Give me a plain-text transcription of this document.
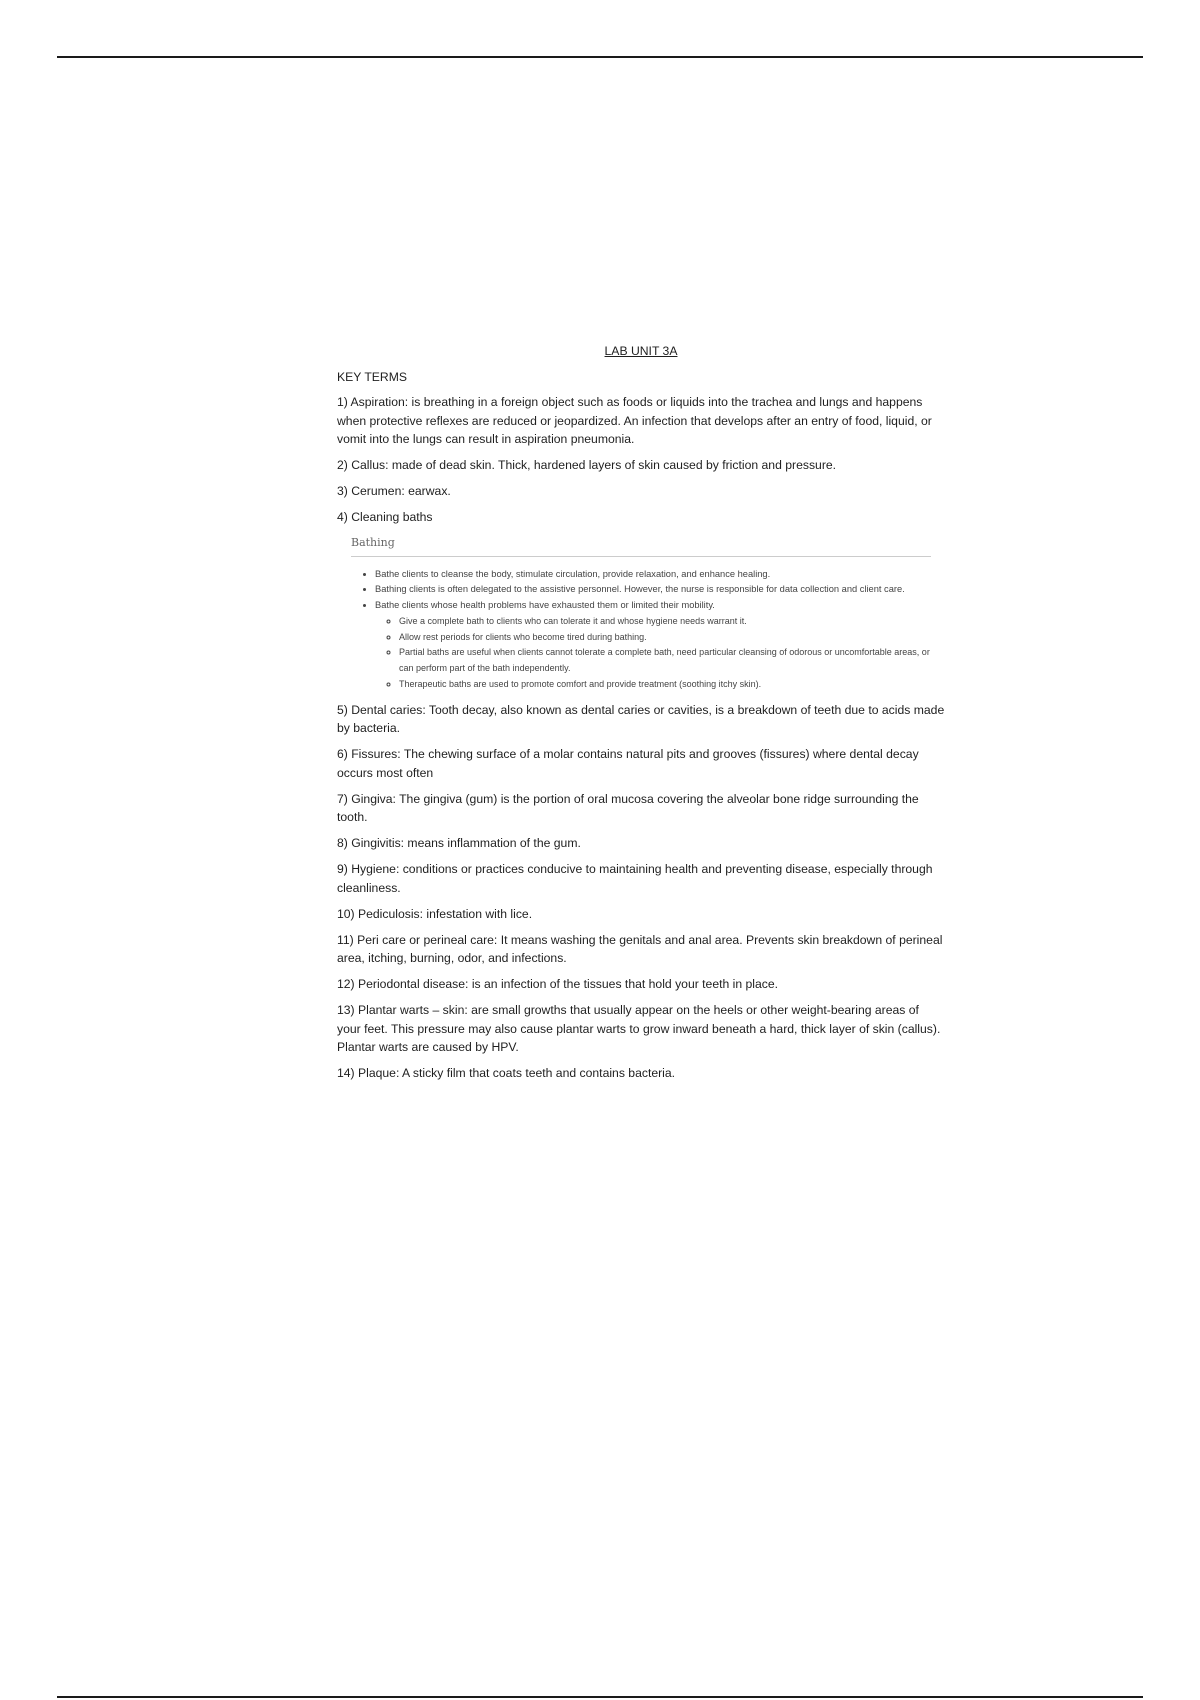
LAB UNIT 3A
KEY TERMS
1) Aspiration: is breathing in a foreign object such as foods or liquids into the trachea and lungs and happens when protective reflexes are reduced or jeopardized. An infection that develops after an entry of food, liquid, or vomit into the lungs can result in aspiration pneumonia.
2) Callus: made of dead skin. Thick, hardened layers of skin caused by friction and pressure.
3) Cerumen: earwax.
4) Cleaning baths
Bathing
• Bathe clients to cleanse the body, stimulate circulation, provide relaxation, and enhance healing.
• Bathing clients is often delegated to the assistive personnel. However, the nurse is responsible for data collection and client care.
• Bathe clients whose health problems have exhausted them or limited their mobility.
◦ Give a complete bath to clients who can tolerate it and whose hygiene needs warrant it.
◦ Allow rest periods for clients who become tired during bathing.
◦ Partial baths are useful when clients cannot tolerate a complete bath, need particular cleansing of odorous or uncomfortable areas, or can perform part of the bath independently.
◦ Therapeutic baths are used to promote comfort and provide treatment (soothing itchy skin).
5) Dental caries: Tooth decay, also known as dental caries or cavities, is a breakdown of teeth due to acids made by bacteria.
6) Fissures: The chewing surface of a molar contains natural pits and grooves (fissures) where dental decay occurs most often
7) Gingiva: The gingiva (gum) is the portion of oral mucosa covering the alveolar bone ridge surrounding the tooth.
8) Gingivitis: means inflammation of the gum.
9) Hygiene: conditions or practices conducive to maintaining health and preventing disease, especially through cleanliness.
10) Pediculosis: infestation with lice.
11) Peri care or perineal care: It means washing the genitals and anal area. Prevents skin breakdown of perineal area, itching, burning, odor, and infections.
12) Periodontal disease: is an infection of the tissues that hold your teeth in place.
13) Plantar warts – skin: are small growths that usually appear on the heels or other weight-bearing areas of your feet. This pressure may also cause plantar warts to grow inward beneath a hard, thick layer of skin (callus). Plantar warts are caused by HPV.
14) Plaque: A sticky film that coats teeth and contains bacteria.
